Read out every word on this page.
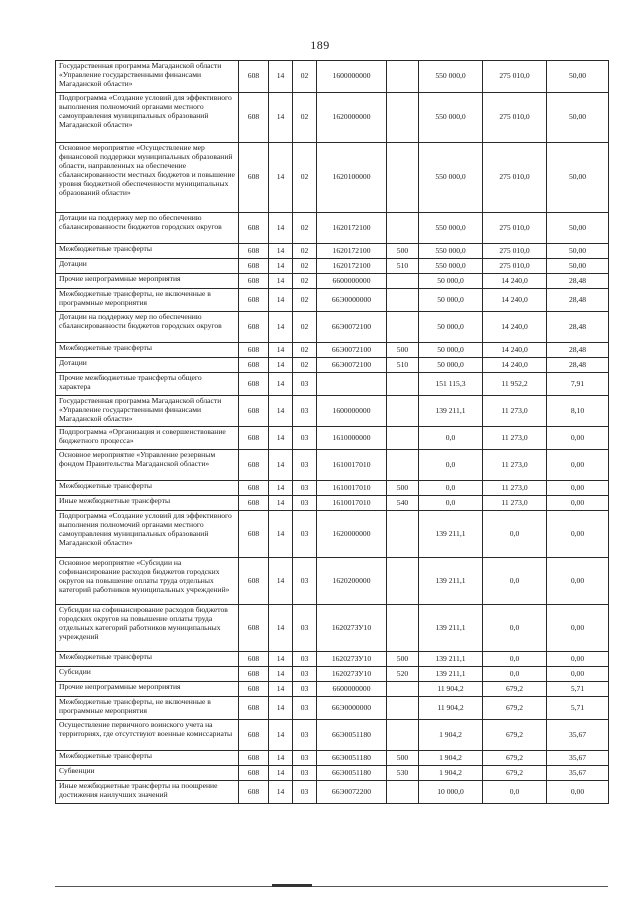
189
Государственная программа Магаданской области «Управление государственными финансами Магаданской области»	608	14	02	1600000000		550 000,0	275 010,0	50,00
Подпрограмма «Создание условий для эффективного выполнения полномочий органами местного самоуправления муниципальных образований Магаданской области»	608	14	02	1620000000		550 000,0	275 010,0	50,00
Основное мероприятие «Осуществление мер финансовой поддержки муниципальных образований области, направленных на обеспечение сбалансированности местных бюджетов и повышение уровня бюджетной обеспеченности муниципальных образований области»	608	14	02	1620100000		550 000,0	275 010,0	50,00
Дотации на поддержку мер по обеспечению сбалансированности бюджетов городских округов	608	14	02	1620172100		550 000,0	275 010,0	50,00
Межбюджетные трансферты	608	14	02	1620172100	500	550 000,0	275 010,0	50,00
Дотации	608	14	02	1620172100	510	550 000,0	275 010,0	50,00
Прочие непрограммные мероприятия	608	14	02	6600000000		50 000,0	14 240,0	28,48
Межбюджетные трансферты, не включенные в программные мероприятия	608	14	02	66Э0000000		50 000,0	14 240,0	28,48
Дотации на поддержку мер по обеспечению сбалансированности бюджетов городских округов	608	14	02	66Э0072100		50 000,0	14 240,0	28,48
Межбюджетные трансферты	608	14	02	66Э0072100	500	50 000,0	14 240,0	28,48
Дотации	608	14	02	66Э0072100	510	50 000,0	14 240,0	28,48
Прочие межбюджетные трансферты общего характера	608	14	03			151 115,3	11 952,2	7,91
Государственная программа Магаданской области «Управление государственными финансами Магаданской области»	608	14	03	1600000000		139 211,1	11 273,0	8,10
Подпрограмма «Организация и совершенствование бюджетного процесса»	608	14	03	1610000000		0,0	11 273,0	0,00
Основное мероприятие «Управление резервным фондом Правительства Магаданской области»	608	14	03	1610017010		0,0	11 273,0	0,00
Межбюджетные трансферты	608	14	03	1610017010	500	0,0	11 273,0	0,00
Иные межбюджетные трансферты	608	14	03	1610017010	540	0,0	11 273,0	0,00
Подпрограмма «Создание условий для эффективного выполнения полномочий органами местного самоуправления муниципальных образований Магаданской области»	608	14	03	1620000000		139 211,1	0,0	0,00
Основное мероприятие «Субсидии на софинансирование расходов бюджетов городских округов на повышение оплаты труда отдельных категорий работников муниципальных учреждений»	608	14	03	1620200000		139 211,1	0,0	0,00
Субсидии на софинансирование расходов бюджетов городских округов на повышение оплаты труда отдельных категорий работников муниципальных учреждений	608	14	03	162027ЗУ10		139 211,1	0,0	0,00
Межбюджетные трансферты	608	14	03	162027ЗУ10	500	139 211,1	0,0	0,00
Субсидии	608	14	03	162027ЗУ10	520	139 211,1	0,0	0,00
Прочие непрограммные мероприятия	608	14	03	6600000000		11 904,2	679,2	5,71
Межбюджетные трансферты, не включенные в программные мероприятия	608	14	03	66Э0000000		11 904,2	679,2	5,71
Осуществление первичного воинского учета на территориях, где отсутствуют военные комиссариаты	608	14	03	66Э0051180		1 904,2	679,2	35,67
Межбюджетные трансферты	608	14	03	66Э0051180	500	1 904,2	679,2	35,67
Субвенции	608	14	03	66Э0051180	530	1 904,2	679,2	35,67
Иные межбюджетные трансферты на поощрение достижения наилучших значений	608	14	03	66Э0072200		10 000,0	0,0	0,00
